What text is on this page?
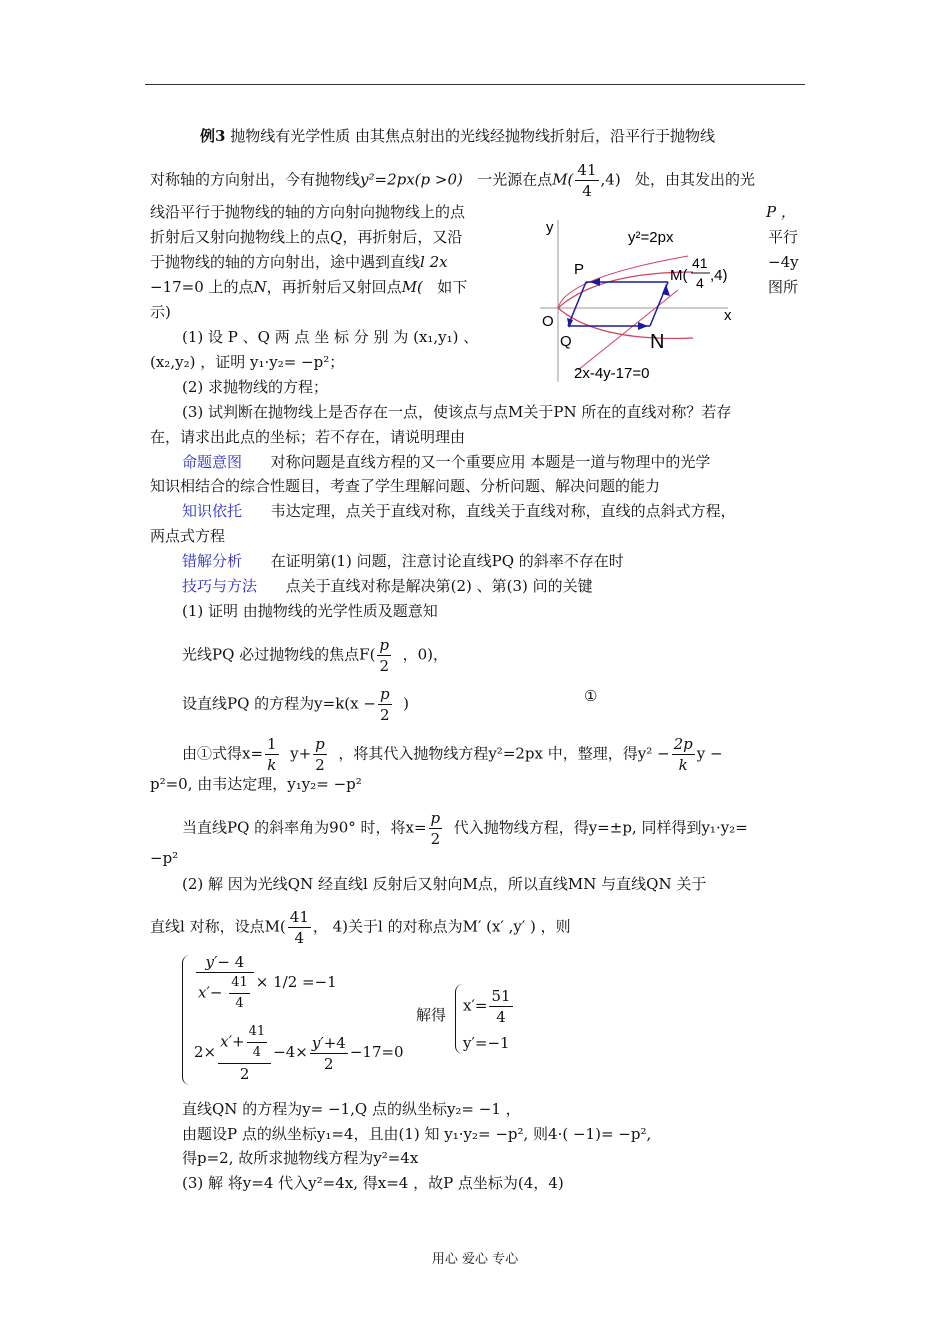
例3 抛物线有光学性质 由其焦点射出的光线经抛物线折射后，沿平行于抛物线
对称轴的方向射出，今有抛物线y²=2px(p >0) 一光源在点$M( \frac{41}{4} ,4)$ 处，由其发出的光
线沿平行于抛物线的轴的方向射向抛物线上的点
折射后又射向抛物线上的点Q，再折射后，又沿
于抛物线的轴的方向射出，途中遇到直线l 2x
−17=0 上的点N，再折射后又射回点M( 如下
示)
P ，
平行
−4y
图所
(1) 设 P 、Q 两 点 坐 标 分 别 为 (x₁,y₁) 、
(x₂,y₂) ，证明 y₁·y₂= −p²；
(2) 求抛物线的方程；
(3) 试判断在抛物线上是否存在一点，使该点与点M关于PN 所在的直线对称？若存
在，请求出此点的坐标；若不存在，请说明理由
命题意图 对称问题是直线方程的又一个重要应用 本题是一道与物理中的光学
知识相结合的综合性题目，考查了学生理解问题、分析问题、解决问题的能力
知识依托 韦达定理，点关于直线对称，直线关于直线对称，直线的点斜式方程，
两点式方程
错解分析 在证明第(1) 问题，注意讨论直线PQ 的斜率不存在时
技巧与方法 点关于直线对称是解决第(2) 、第(3) 问的关键
(1) 证明 由抛物线的光学性质及题意知
光线PQ 必过抛物线的焦点$F( \frac{p}{2}$ ，0)，
设直线PQ 的方程为$y=k(x - \frac{p}{2}$ )	①
由①式得$x= \frac{1}{k} y+ \frac{p}{2}$ ，将其代入抛物线方程y²=2px 中，整理，得$y^2 - \frac{2p}{k}$ y −
p²=0, 由韦达定理，y₁y₂= −p²
当直线PQ 的斜率角为90° 时，将$x= \frac{p}{2}$ 代入抛物线方程，得y=±p, 同样得到y₁·y₂=
−p²
(2) 解 因为光线QN 经直线l 反射后又射向M点，所以直线MN 与直线QN 关于
直线l 对称，设点$M( \frac{41}{4}$ ， 4)关于l 的对称点为M′ (x′ ,y′ ) ，则
$\frac{y'- 4}{x'- \frac{41}{4}} \times 1/2 =-1$
$2\times \frac{x'+ \frac{41}{4}}{2} -4\times \frac{y'+4}{2} -17=0$
解得
$x'= \frac{51}{4}$
y′=−1
直线QN 的方程为y= −1,Q 点的纵坐标y₂= −1 ，
由题设P 点的纵坐标y₁=4，且由(1) 知 y₁·y₂= −p², 则4·( −1)= −p²,
得p=2, 故所求抛物线方程为y²=4x
(3) 解 将y=4 代入y²=4x, 得x=4 ，故P 点坐标为(4，4)
y
x
O
y²=2px
P
Q	N
M(
41
4 ,4)
2x-4y-17=0
用心 爱心 专心
